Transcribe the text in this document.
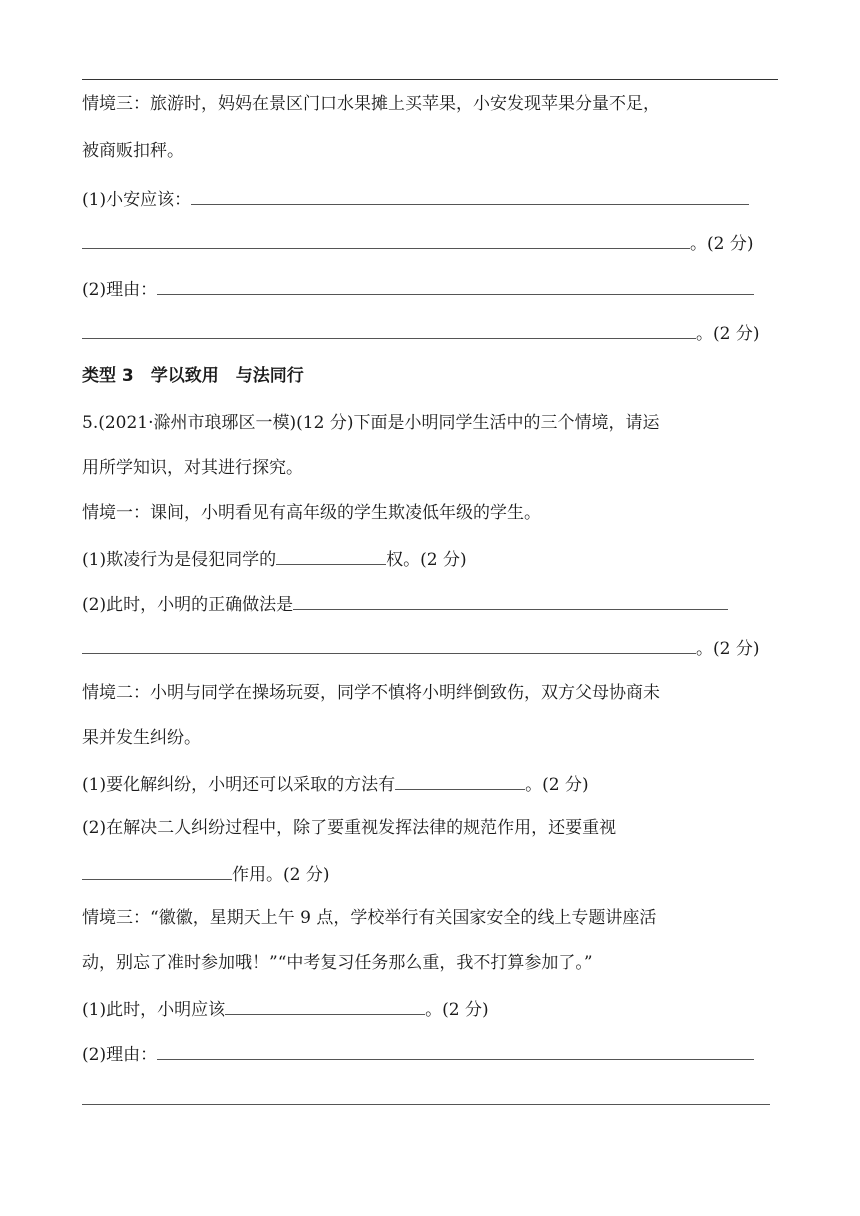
情境三：旅游时，妈妈在景区门口水果摊上买苹果，小安发现苹果分量不足，
被商贩扣秤。
(1)小安应该：
。(2 分)
(2)理由：
。(2 分)
类型 3　学以致用　与法同行
5.(2021·滁州市琅琊区一模)(12 分)下面是小明同学生活中的三个情境，请运
用所学知识，对其进行探究。
情境一：课间，小明看见有高年级的学生欺凌低年级的学生。
(1)欺凌行为是侵犯同学的	权。(2 分)
(2)此时，小明的正确做法是
。(2 分)
情境二：小明与同学在操场玩耍，同学不慎将小明绊倒致伤，双方父母协商未
果并发生纠纷。
(1)要化解纠纷，小明还可以采取的方法有	。(2 分)
(2)在解决二人纠纷过程中，除了要重视发挥法律的规范作用，还要重视
作用。(2 分)
情境三：“徽徽，星期天上午 9 点，学校举行有关国家安全的线上专题讲座活
动，别忘了准时参加哦！”“中考复习任务那么重，我不打算参加了。”
(1)此时，小明应该	。(2 分)
(2)理由：
